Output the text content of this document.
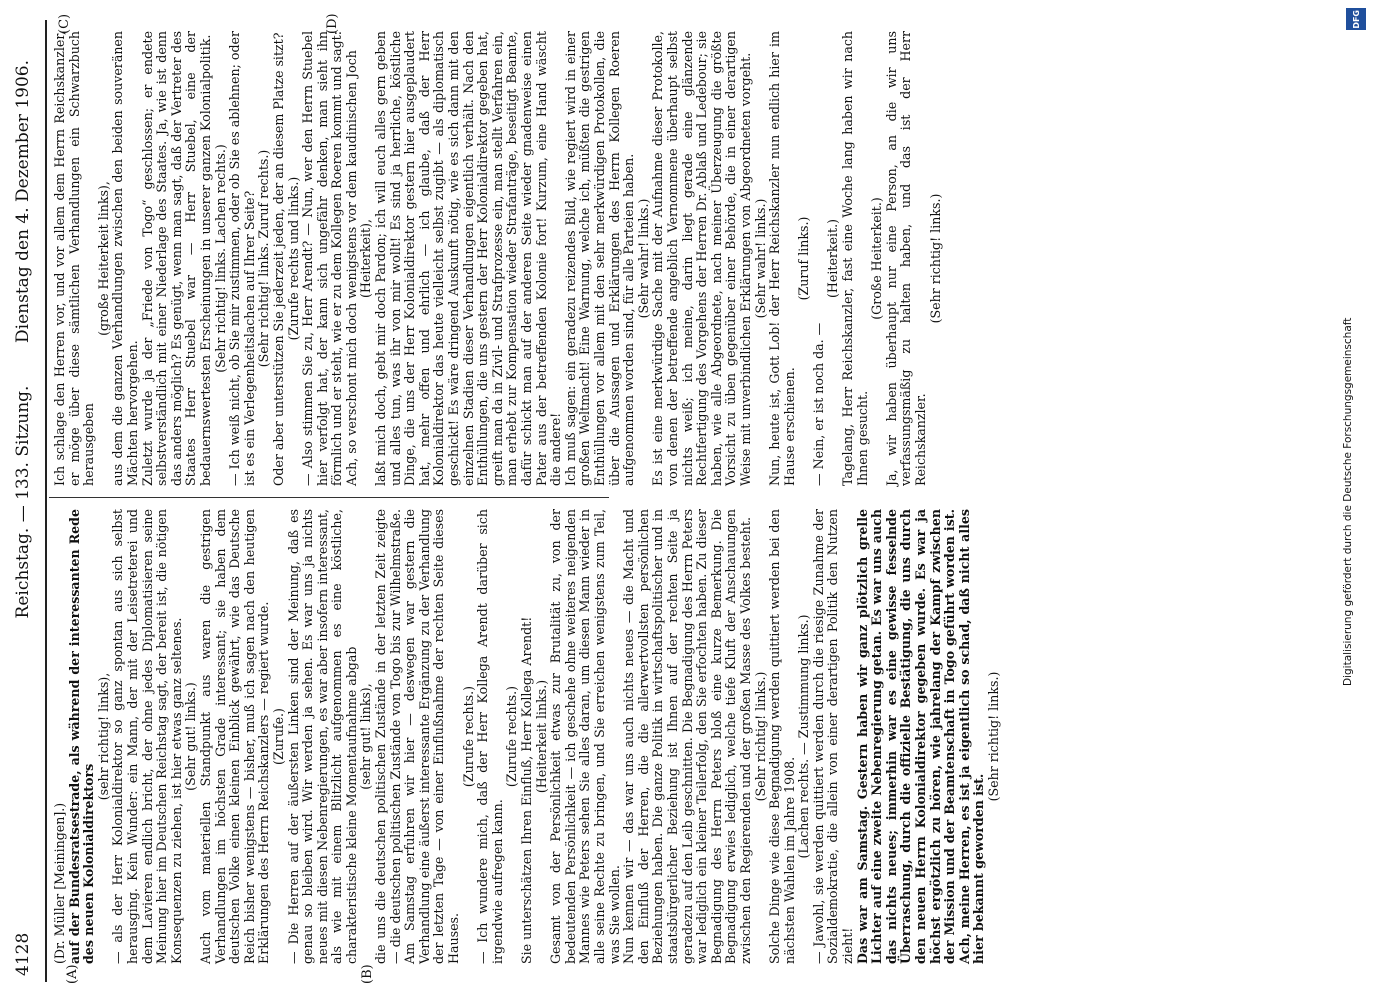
4128
Reichstag. — 133. Sitzung.
Dienstag den 4. Dezember 1906.
(A)	(B)
(C)	(D)

(Dr. Müller [Meiningen].) auf der Bundesratsestrade, als während der interessanten Rede des neuen Kolonialdirektors

(sehr richtig! links), — als der Herr Kolonialdirektor so ganz spontan aus sich selbst herausging. Kein Wunder: ein Mann, der mit der Leisetreterei und dem Lavieren endlich bricht, der ohne jedes Diplomatisieren seine Meinung hier im Deutschen Reichstag sagt, der bereit ist, die nötigen Konsequenzen zu ziehen, ist hier etwas ganz seltenes. (Sehr gut! links.) Auch vom materiellen Standpunkt aus waren die gestrigen Verhandlungen im höchsten Grade interessant; sie haben dem deutschen Volke einen kleinen Einblick gewährt, wie das Deutsche Reich bisher wenigstens — bisher, muß ich sagen nach den heutigen Erklärungen des Herrn Reichskanzlers — regiert wurde. (Zurufe.) — Die Herren auf der äußersten Linken sind der Meinung, daß es genau so bleiben wird. Wir werden ja sehen. Es war uns ja nichts neues mit diesen Nebenregierungen, es war aber insofern interessant, als wie mit einem Blitzlicht aufgenommen es eine köstliche, charakteristische kleine Momentaufnahme abgab (sehr gut! links), die uns die deutschen politischen Zustände in der letzten Zeit zeigte — die deutschen politischen Zustände von Togo bis zur Wilhelmstraße. Am Samstag erfuhren wir hier — deswegen war gestern die Verhandlung eine äußerst interessante Ergänzung zu der Verhandlung der letzten Tage — von einer Einflußnahme der rechten Seite dieses Hauses.

(Zurufe rechts.) — Ich wundere mich, daß der Herr Kollega Arendt darüber sich irgendwie aufregen kann.

(Zurufe rechts.) Sie unterschätzen Ihren Einfluß, Herr Kollega Arendt! (Heiterkeit links.) Gesamt von der Persönlichkeit etwas zur Brutalität zu, von der bedeutenden Persönlichkeit — ich geschehe ohne weiteres neigenden Mannes wie Peters sehen Sie alles daran, um diesen Mann wieder in alle seine Rechte zu bringen, und Sie erreichen wenigstens zum Teil, was Sie wollen. Nun kennen wir — das war uns auch nichts neues — die Macht und den Einfluß der Herren, die die allerwertvollsten persönlichen Beziehungen haben. Die ganze Politik in wirtschaftspolitischer und in staatsbürgerlicher Beziehung ist Ihnen auf der rechten Seite ja geradezu auf den Leib geschnitten. Die Begnadigung des Herrn Peters war lediglich ein kleiner Teilerfolg, den Sie erfochten haben. Zu dieser Begnadigung des Herrn Peters bloß eine kurze Bemerkung. Die Begnadigung erwies lediglich, welche tiefe Kluft der Anschauungen zwischen den Regierenden und der großen Masse des Volkes besteht. (Sehr richtig! links.) Solche Dinge wie diese Begnadigung werden quittiert werden bei den nächsten Wahlen im Jahre 1908.

(Lachen rechts. — Zustimmung links.) — Jawohl, sie werden quittiert werden durch die riesige Zunahme der Sozialdemokratie, die allein von einer derartigen Politik den Nutzen zieht! Das war am Samstag. Gestern haben wir ganz plötzlich grelle Lichter auf eine zweite Nebenregierung getan. Es war uns auch das nichts neues; immerhin war es eine gewisse fesselnde Überraschung, durch die offizielle Bestätigung, die uns durch den neuen Herrn Kolonialdirektor gegeben wurde. Es war ja höchst ergötzlich zu hören, wie jahrelang der Kampf zwischen der Mission und der Beamtenschaft in Togo geführt worden ist. Ach, meine Herren, es ist ja eigentlich so schad, daß nicht alles hier bekannt geworden ist.

(Sehr richtig! links.)

Ich schlage den Herren vor, und vor allem dem Herrn Reichskanzler, er möge über diese sämtlichen Verhandlungen ein Schwarzbuch herausgeben

(große Heiterkeit links), aus dem die ganzen Verhandlungen zwischen den beiden souveränen Mächten hervorgehen. Zuletzt wurde ja der „Friede von Togo“ geschlossen; er endete selbstverständlich mit einer Niederlage des Staates. Ja, wie ist denn das anders möglich? Es genügt, wenn man sagt, daß der Vertreter des Staates Herr Stuebel war — Herr Stuebel, eine der bedauernswertesten Erscheinungen in unserer ganzen Kolonialpolitik. (Sehr richtig! links. Lachen rechts.) — Ich weiß nicht, ob Sie mir zustimmen, oder ob Sie es ablehnen; oder ist es ein Verlegenheitslachen auf Ihrer Seite? (Sehr richtig! links. Zuruf rechts.) Oder aber unterstützen Sie jederzeit jeden, der an diesem Platze sitzt? (Zurufe rechts und links.) — Also stimmen Sie zu, Herr Arendt? — Nun, wer den Herrn Stuebel hier verfolgt hat, der kann sich ungefähr denken, man sieht ihn förmlich und er steht, wie er zu dem Kollegen Roeren kommt und sagt: Ach, so verschont mich doch wenigstens vor dem kaudinischen Joch (Heiterkeit), laßt mich doch, gebt mir doch Pardon; ich will euch alles gern geben und alles tun, was ihr von mir wollt! Es sind ja herrliche, köstliche Dinge, die uns der Herr Kolonialdirektor gestern hier ausgeplaudert hat, mehr offen und ehrlich — ich glaube, daß der Herr Kolonialdirektor das heute vielleicht selbst zugibt — als diplomatisch geschickt! Es wäre dringend Auskunft nötig, wie es sich dann mit den einzelnen Stadien dieser Verhandlungen eigentlich verhält. Nach den Enthüllungen, die uns gestern der Herr Kolonialdirektor gegeben hat, greift man da in Zivil- und Strafprozesse ein, man stellt Verfahren ein, man erhebt zur Kompensation wieder Strafanträge, beseitigt Beamte, dafür schickt man auf der anderen Seite wieder gnadenweise einen Pater aus der betreffenden Kolonie fort! Kurzum, eine Hand wäscht die andere! Ich muß sagen: ein geradezu reizendes Bild, wie regiert wird in einer großen Weltmacht! Eine Warnung, welche ich, müßten die gestrigen Enthüllungen vor allem mit den sehr merkwürdigen Protokollen, die über die Aussagen und Erklärungen des Herrn Kollegen Roeren aufgenommen worden sind, für alle Parteien haben. (Sehr wahr! links.) Es ist eine merkwürdige Sache mit der Aufnahme dieser Protokolle, von denen der betreffende angeblich Vernommene überhaupt selbst nichts weiß; ich meine, darin liegt gerade eine glänzende Rechtfertigung des Vorgehens der Herren Dr. Ablaß und Ledebour; sie haben, wie alle Abgeordnete, nach meiner Überzeugung die größte Vorsicht zu üben gegenüber einer Behörde, die in einer derartigen Weise mit unverbindlichen Erklärungen von Abgeordneten vorgeht. (Sehr wahr! links.) Nun, heute ist, Gott Lob! der Herr Reichskanzler nun endlich hier im Hause erschienen.

(Zuruf links.)

— Nein, er ist noch da. —

(Heiterkeit.) Tagelang, Herr Reichskanzler, fast eine Woche lang haben wir nach Ihnen gesucht.

(Große Heiterkeit.) Ja, wir haben überhaupt nur eine Person, an die wir uns verfassungsmäßig zu halten haben, und das ist der Herr Reichskanzler.

(Sehr richtig! links.)

DFG
Digitalisierung gefördert durch die Deutsche Forschungsgemeinschaft
